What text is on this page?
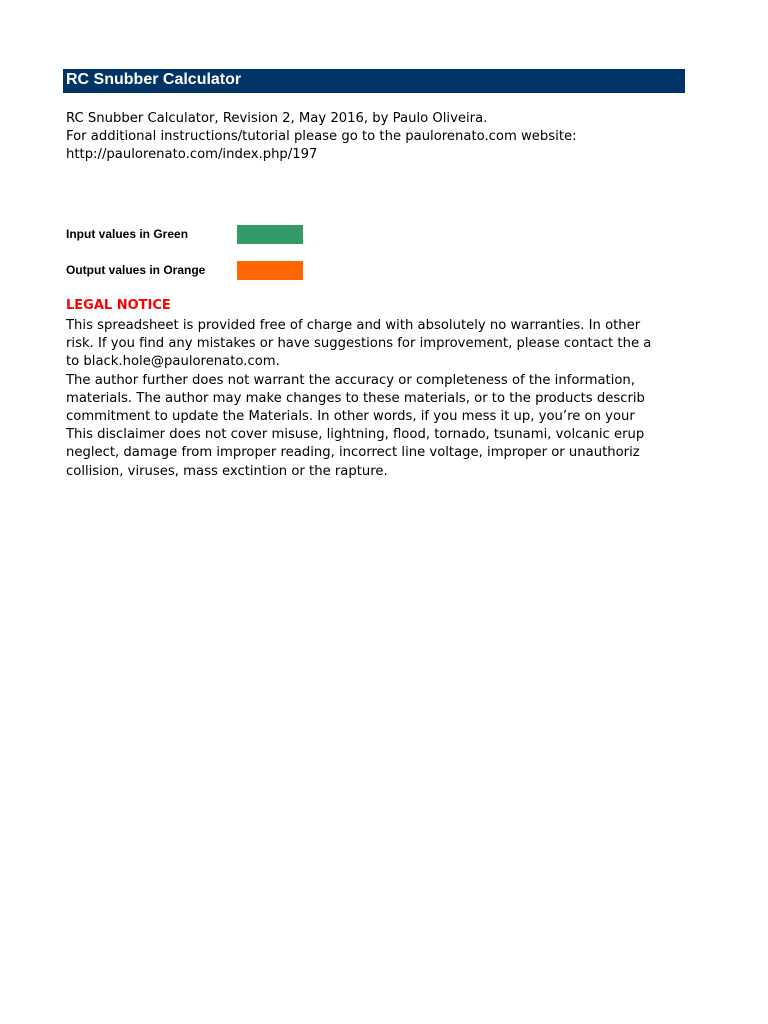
RC Snubber Calculator
RC Snubber Calculator, Revision 2, May 2016, by Paulo Oliveira.
For additional instructions/tutorial please go to the paulorenato.com website:
http://paulorenato.com/index.php/197
Input values in Green
Output values in Orange
LEGAL NOTICE
This spreadsheet is provided free of charge and with absolutely no warranties. In other
risk. If you find any mistakes or have suggestions for improvement, please contact the a
to black.hole@paulorenato.com.
The author further does not warrant the accuracy or completeness of the information,
materials. The author may make changes to these materials, or to the products describ
commitment to update the Materials. In other words, if you mess it up, you’re on your
This disclaimer does not cover misuse, lightning, flood, tornado, tsunami, volcanic erup
neglect, damage from improper reading, incorrect line voltage, improper or unauthoriz
collision, viruses, mass exctintion or the rapture.
